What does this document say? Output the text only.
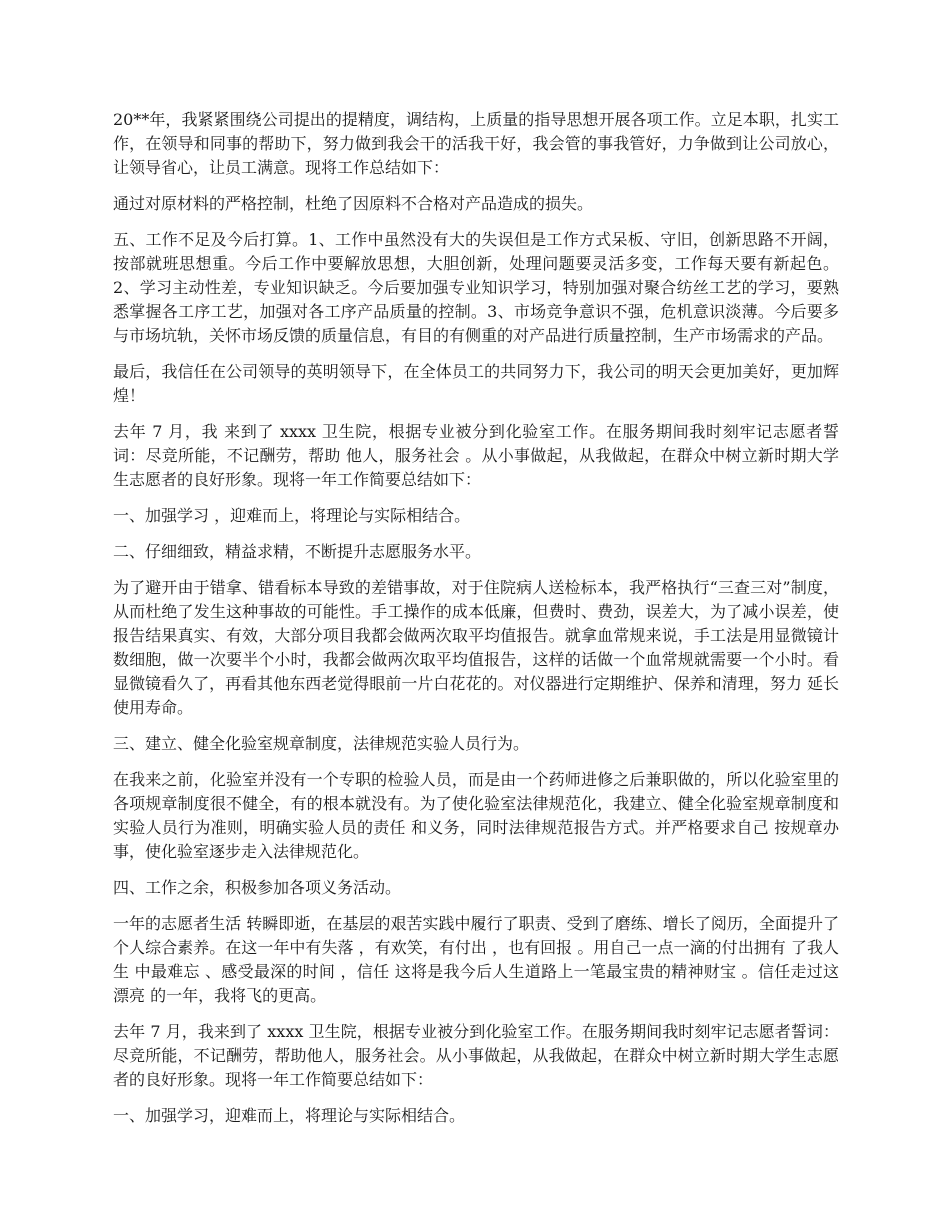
20**年，我紧紧围绕公司提出的提精度，调结构，上质量的指导思想开展各项工作。立足本职，扎实工作，在领导和同事的帮助下，努力做到我会干的活我干好，我会管的事我管好，力争做到让公司放心，让领导省心，让员工满意。现将工作总结如下：

通过对原材料的严格控制，杜绝了因原料不合格对产品造成的损失。

五、工作不足及今后打算。1、工作中虽然没有大的失误但是工作方式呆板、守旧，创新思路不开阔，按部就班思想重。今后工作中要解放思想，大胆创新，处理问题要灵活多变，工作每天要有新起色。2、学习主动性差，专业知识缺乏。今后要加强专业知识学习，特别加强对聚合纺丝工艺的学习，要熟悉掌握各工序工艺，加强对各工序产品质量的控制。3、市场竞争意识不强，危机意识淡薄。今后要多与市场坑轨，关怀市场反馈的质量信息，有目的有侧重的对产品进行质量控制，生产市场需求的产品。

最后，我信任在公司领导的英明领导下，在全体员工的共同努力下，我公司的明天会更加美好，更加辉煌！

去年 7 月，我 来到了 xxxx 卫生院，根据专业被分到化验室工作。在服务期间我时刻牢记志愿者誓词：尽竞所能，不记酬劳，帮助 他人，服务社会 。从小事做起，从我做起，在群众中树立新时期大学 生志愿者的良好形象。现将一年工作简要总结如下：

一、加强学习 ，迎难而上，将理论与实际相结合。

二、仔细细致，精益求精，不断提升志愿服务水平。

为了避开由于错拿、错看标本导致的差错事故，对于住院病人送检标本，我严格执行“三查三对”制度，从而杜绝了发生这种事故的可能性。手工操作的成本低廉，但费时、费劲，误差大，为了减小误差，使报告结果真实、有效，大部分项目我都会做两次取平均值报告。就拿血常规来说，手工法是用显微镜计数细胞，做一次要半个小时，我都会做两次取平均值报告，这样的话做一个血常规就需要一个小时。看显微镜看久了，再看其他东西老觉得眼前一片白花花的。对仪器进行定期维护、保养和清理，努力 延长使用寿命。

三、建立、健全化验室规章制度，法律规范实验人员行为。

在我来之前，化验室并没有一个专职的检验人员，而是由一个药师进修之后兼职做的，所以化验室里的各项规章制度很不健全，有的根本就没有。为了使化验室法律规范化，我建立、健全化验室规章制度和实验人员行为准则，明确实验人员的责任 和义务，同时法律规范报告方式。并严格要求自己 按规章办事，使化验室逐步走入法律规范化。

四、工作之余，积极参加各项义务活动。

一年的志愿者生活 转瞬即逝，在基层的艰苦实践中履行了职责、受到了磨练、增长了阅历，全面提升了个人综合素养。在这一年中有失落 ，有欢笑，有付出 ，也有回报 。用自己一点一滴的付出拥有 了我人生 中最难忘 、感受最深的时间 ，信任 这将是我今后人生道路上一笔最宝贵的精神财宝 。信任走过这漂亮 的一年，我将飞的更高。

去年 7 月，我来到了 xxxx 卫生院，根据专业被分到化验室工作。在服务期间我时刻牢记志愿者誓词：尽竞所能，不记酬劳，帮助他人，服务社会。从小事做起，从我做起，在群众中树立新时期大学生志愿者的良好形象。现将一年工作简要总结如下：

一、加强学习，迎难而上，将理论与实际相结合。
